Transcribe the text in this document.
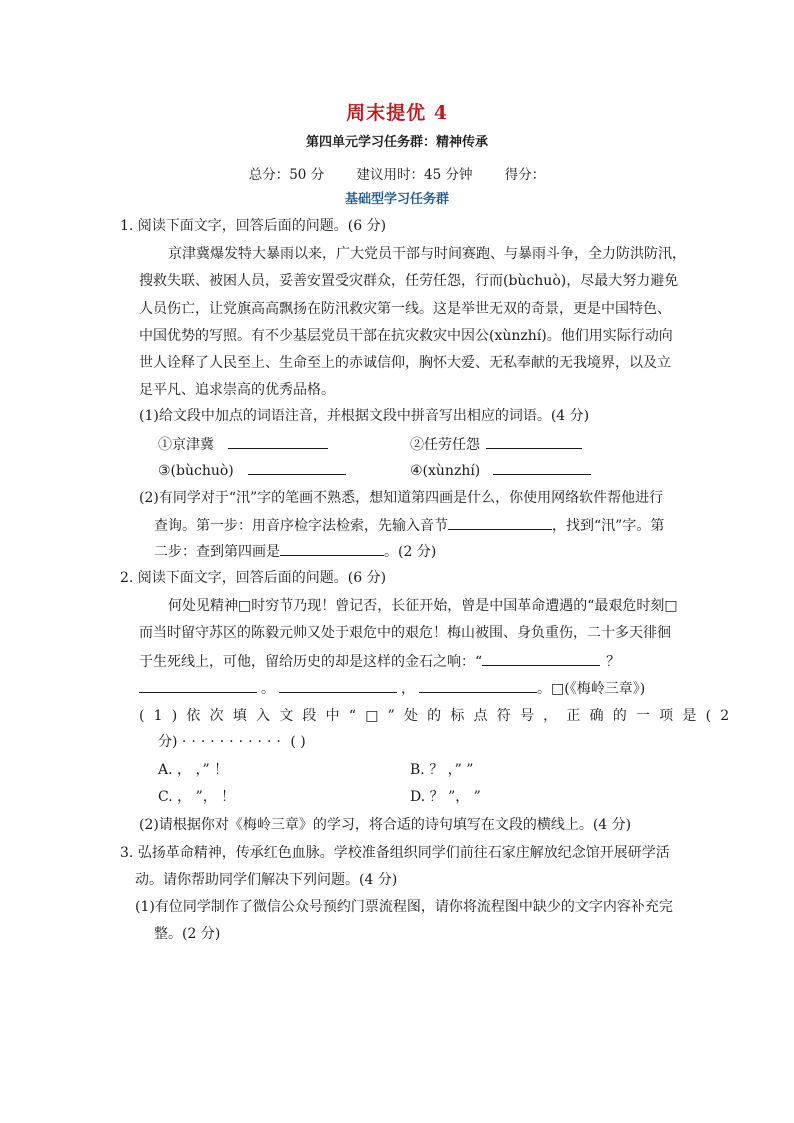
周末提优 4
第四单元学习任务群：精神传承
总分：50 分 建议用时：45 分钟 得分：
基础型学习任务群
1. 阅读下面文字，回答后面的问题。(6 分)
京津冀爆发特大暴雨以来，广大党员干部与时间赛跑、与暴雨斗争，全力防洪防汛，
搜救失联、被困人员，妥善安置受灾群众，任劳任怨，行而(bùchuò)，尽最大努力避免
人员伤亡，让党旗高高飘扬在防汛救灾第一线。这是举世无双的奇景，更是中国特色、
中国优势的写照。有不少基层党员干部在抗灾救灾中因公(xùnzhí)。他们用实际行动向
世人诠释了人民至上、生命至上的赤诚信仰，胸怀大爱、无私奉献的无我境界，以及立
足平凡、追求崇高的优秀品格。
(1)给文段中加点的词语注音，并根据文段中拼音写出相应的词语。(4 分)
①京津冀	②任劳任怨
③(bùchuò)	④(xùnzhí)
(2)有同学对于“汛”字的笔画不熟悉，想知道第四画是什么，你使用网络软件帮他进行
查询。第一步：用音序检字法检索，先输入音节	，找到“汛”字。第
二步：查到第四画是	。(2 分)
2. 阅读下面文字，回答后面的问题。(6 分)
何处见精神□时穷节乃现！曾记否，长征开始，曾是中国革命遭遇的“最艰危时刻□
而当时留守苏区的陈毅元帅又处于艰危中的艰危！梅山被围、身负重伤，二十多天徘徊
于生死线上，可他，留给历史的却是这样的金石之响：“	？
。	，	。□(《梅岭三章》)
(1)依次填入文段中“□”处的标点符号，正确的一项是(2
分) ··········· ( )
A. ， ，” ！	B. ？ ，” ”
C. ， ”， ！	D. ？ ”， ”
(2)请根据你对《梅岭三章》的学习，将合适的诗句填写在文段的横线上。(4 分)
3. 弘扬革命精神，传承红色血脉。学校准备组织同学们前往石家庄解放纪念馆开展研学活
动。请你帮助同学们解决下列问题。(4 分)
(1)有位同学制作了微信公众号预约门票流程图，请你将流程图中缺少的文字内容补充完
整。(2 分)
